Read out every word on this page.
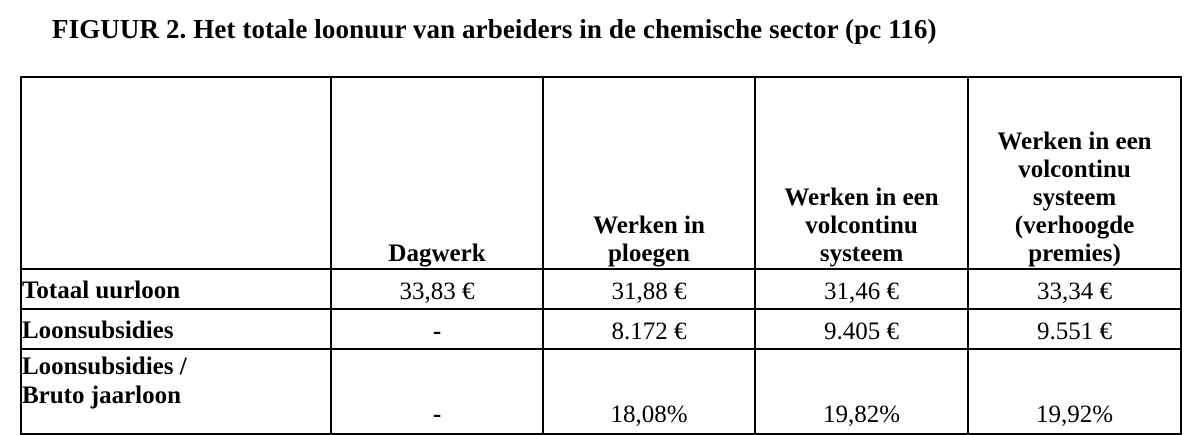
FIGUUR 2. Het totale loonuur van arbeiders in de chemische sector (pc 116)

	Dagwerk	Werken in ploegen	Werken in een volcontinu systeem	Werken in een volcontinu systeem (verhoogde premies)

Totaal uurloon	33,83 €	31,88 €	31,46 €	33,34 €
Loonsubsidies	-	8.172 €	9.405 €	9.551 €

Loonsubsidies /
Bruto jaarloon	-	18,08%	19,82%	19,92%
